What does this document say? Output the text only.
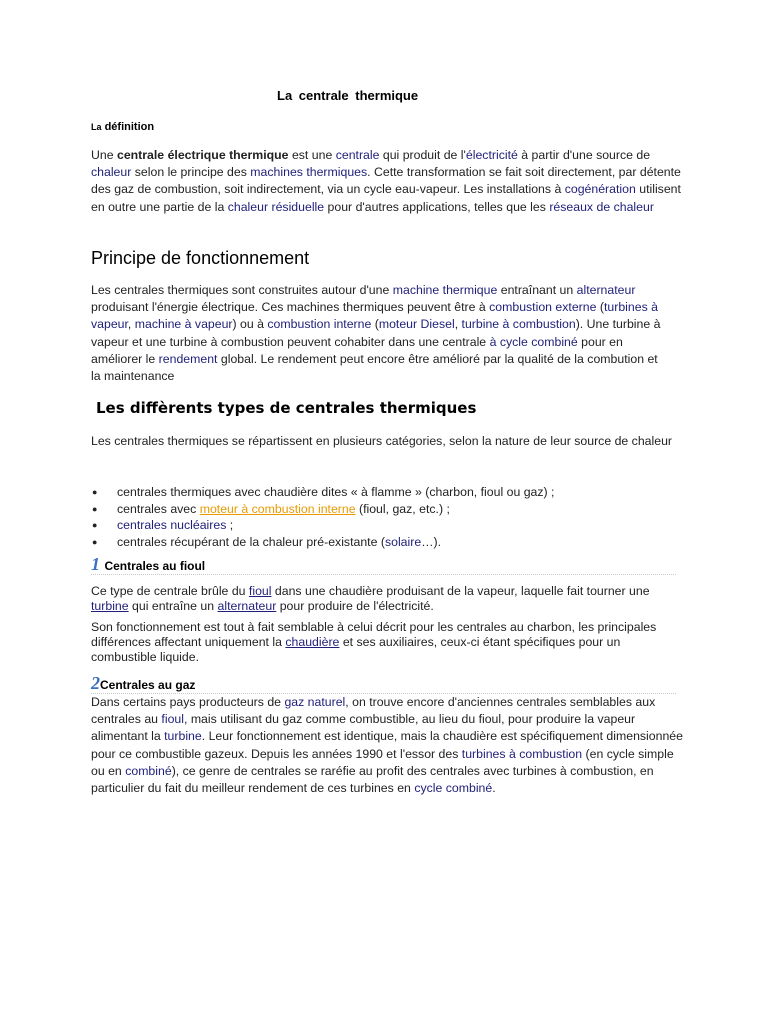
La centrale thermique
La définition
Une centrale électrique thermique est une centrale qui produit de l'électricité à partir d'une source de chaleur selon le principe des machines thermiques. Cette transformation se fait soit directement, par détente des gaz de combustion, soit indirectement, via un cycle eau-vapeur. Les installations à cogénération utilisent en outre une partie de la chaleur résiduelle pour d'autres applications, telles que les réseaux de chaleur
Principe de fonctionnement
Les centrales thermiques sont construites autour d'une machine thermique entraînant un alternateur produisant l'énergie électrique. Ces machines thermiques peuvent être à combustion externe (turbines à vapeur, machine à vapeur) ou à combustion interne (moteur Diesel, turbine à combustion). Une turbine à vapeur et une turbine à combustion peuvent cohabiter dans une centrale à cycle combiné pour en améliorer le rendement global. Le rendement peut encore être amélioré par la qualité de la combution et la maintenance
Les diffèrents types de centrales thermiques
Les centrales thermiques se répartissent en plusieurs catégories, selon la nature de leur source de chaleur
● centrales thermiques avec chaudière dites « à flamme » (charbon, fioul ou gaz) ;
● centrales avec moteur à combustion interne (fioul, gaz, etc.) ;
● centrales nucléaires ;
● centrales récupérant de la chaleur pré-existante (solaire…).
1 Centrales au fioul
Ce type de centrale brûle du fioul dans une chaudière produisant de la vapeur, laquelle fait tourner une turbine qui entraîne un alternateur pour produire de l'électricité.
Son fonctionnement est tout à fait semblable à celui décrit pour les centrales au charbon, les principales différences affectant uniquement la chaudière et ses auxiliaires, ceux-ci étant spécifiques pour un combustible liquide.
2Centrales au gaz
Dans certains pays producteurs de gaz naturel, on trouve encore d'anciennes centrales semblables aux centrales au fioul, mais utilisant du gaz comme combustible, au lieu du fioul, pour produire la vapeur alimentant la turbine. Leur fonctionnement est identique, mais la chaudière est spécifiquement dimensionnée pour ce combustible gazeux. Depuis les années 1990 et l'essor des turbines à combustion (en cycle simple ou en combiné), ce genre de centrales se raréfie au profit des centrales avec turbines à combustion, en particulier du fait du meilleur rendement de ces turbines en cycle combiné.
